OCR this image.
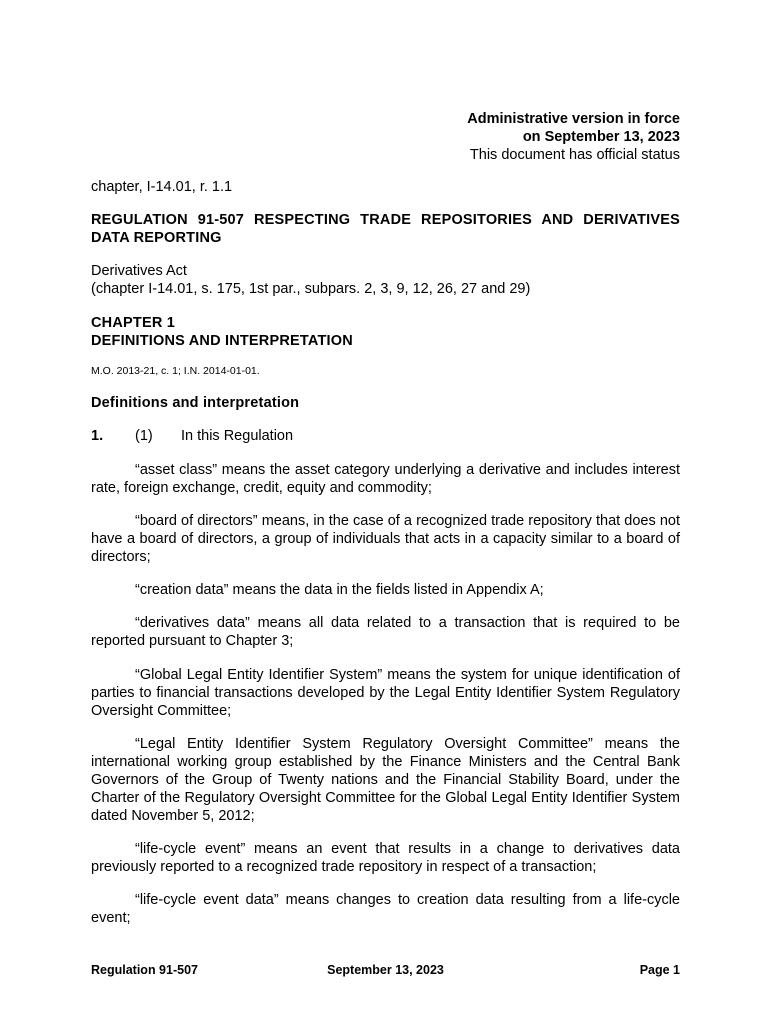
Administrative version in force
on September 13, 2023
This document has official status
chapter, I-14.01, r. 1.1
REGULATION 91-507 RESPECTING TRADE REPOSITORIES AND DERIVATIVES
DATA REPORTING
Derivatives Act
(chapter I-14.01, s. 175, 1st par., subpars. 2, 3, 9, 12, 26, 27 and 29)
CHAPTER 1
DEFINITIONS AND INTERPRETATION
M.O. 2013-21, c. 1; I.N. 2014-01-01.
Definitions and interpretation
1. (1) In this Regulation
“asset class” means the asset category underlying a derivative and includes interest rate, foreign exchange, credit, equity and commodity;
“board of directors” means, in the case of a recognized trade repository that does not have a board of directors, a group of individuals that acts in a capacity similar to a board of directors;
“creation data” means the data in the fields listed in Appendix A;
“derivatives data” means all data related to a transaction that is required to be reported pursuant to Chapter 3;
“Global Legal Entity Identifier System” means the system for unique identification of parties to financial transactions developed by the Legal Entity Identifier System Regulatory Oversight Committee;
“Legal Entity Identifier System Regulatory Oversight Committee” means the international working group established by the Finance Ministers and the Central Bank Governors of the Group of Twenty nations and the Financial Stability Board, under the Charter of the Regulatory Oversight Committee for the Global Legal Entity Identifier System dated November 5, 2012;
“life-cycle event” means an event that results in a change to derivatives data previously reported to a recognized trade repository in respect of a transaction;
“life-cycle event data” means changes to creation data resulting from a life-cycle event;
Regulation 91-507	September 13, 2023	Page 1
